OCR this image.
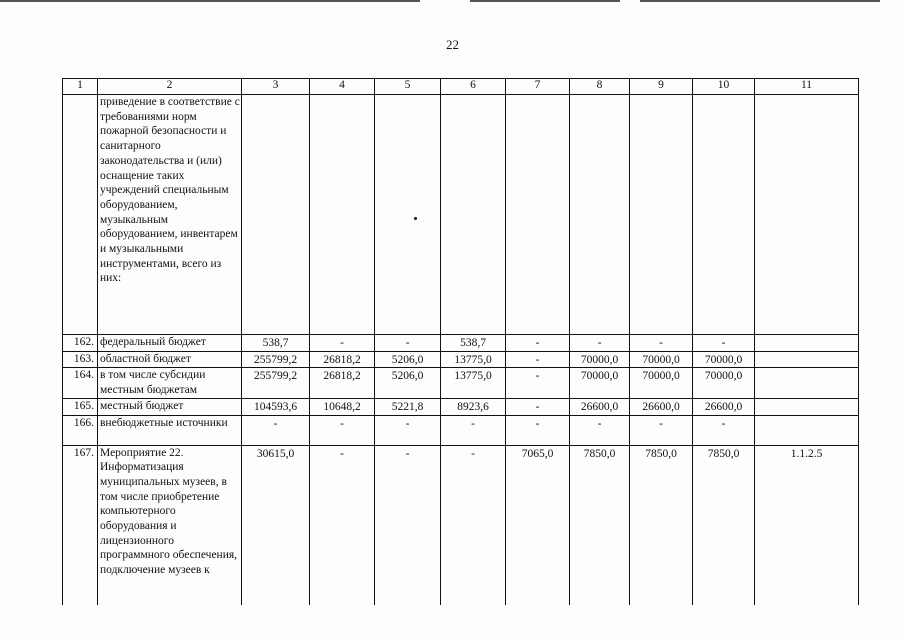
22
1	2	3	4	5	6	7	8	9	10	11
	приведение в соответствие с требованиями норм пожарной безопасности и санитарного законодательства и (или) оснащение таких учреждений специальным оборудованием, музыкальным оборудованием, инвентарем и музыкальными инструментами, всего из них:									
162.	федеральный бюджет	538,7	-	-	538,7	-	-	-	-	
163.	областной бюджет	255799,2	26818,2	5206,0	13775,0	-	70000,0	70000,0	70000,0	
164.	в том числе субсидии местным бюджетам	255799,2	26818,2	5206,0	13775,0	-	70000,0	70000,0	70000,0	
165.	местный бюджет	104593,6	10648,2	5221,8	8923,6	-	26600,0	26600,0	26600,0	
166.	внебюджетные источники	-	-	-	-	-	-	-	-	
167.	Мероприятие 22. Информатизация муниципальных музеев, в том числе приобретение компьютерного оборудования и лицензионного программного обеспечения, подключение музеев к	30615,0	-	-	-	7065,0	7850,0	7850,0	7850,0	1.1.2.5
